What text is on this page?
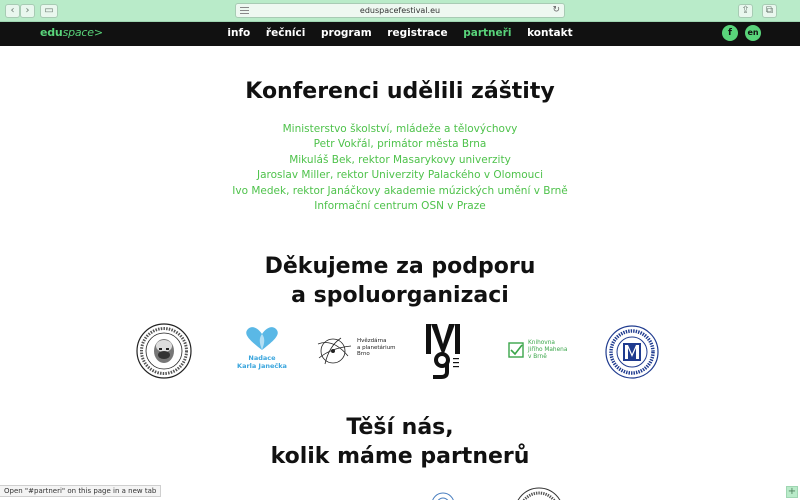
‹	›	▭	eduspacefestival.eu	↻	⇪	⧉
eduspace>	info řečníci program registrace partneři kontakt	f	en
Konferenci udělili záštity
Ministerstvo školství, mládeže a tělovýchovy
Petr Vokřál, primátor města Brna
Mikuláš Bek, rektor Masarykovy univerzity
Jaroslav Miller, rektor Univerzity Palackého v Olomouci
Ivo Medek, rektor Janáčkovy akademie múzických umění v Brně
Informační centrum OSN v Praze
Děkujeme za podporu
a spoluorganizaci
Nadace
Karla Janečka
Hvězdárna
a planetárium
Brno
Knihovna
Jiřího Mahena
v Brně
Těší nás,
kolik máme partnerů
Open "#partneri" on this page in a new tab	+
